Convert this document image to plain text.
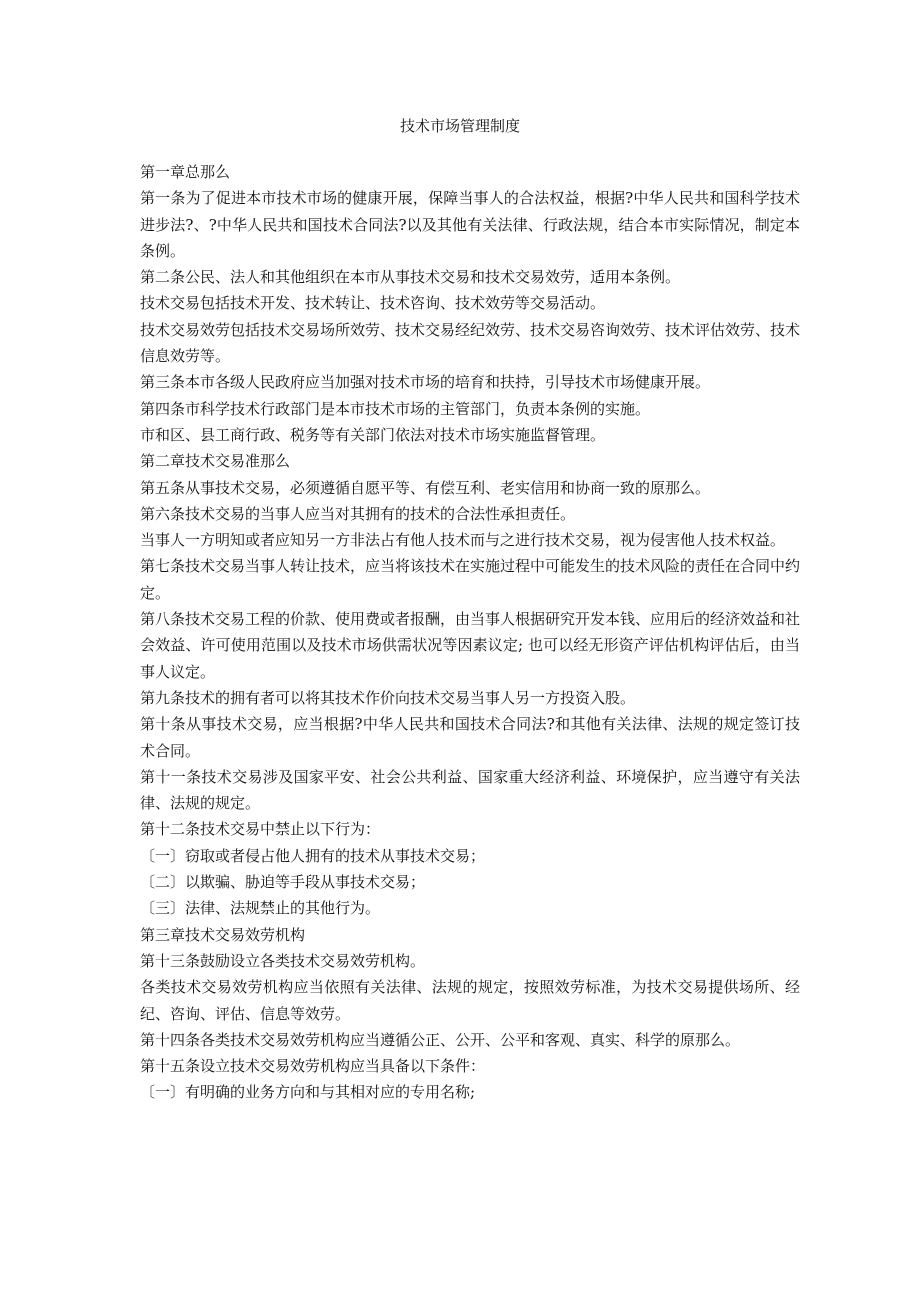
技术市场管理制度

第一章总那么

第一条为了促进本市技术市场的健康开展，保障当事人的合法权益，根据?中华人民共和国科学技术进步法?、?中华人民共和国技术合同法?以及其他有关法律、行政法规，结合本市实际情况，制定本条例。

第二条公民、法人和其他组织在本市从事技术交易和技术交易效劳，适用本条例。

技术交易包括技术开发、技术转让、技术咨询、技术效劳等交易活动。

技术交易效劳包括技术交易场所效劳、技术交易经纪效劳、技术交易咨询效劳、技术评估效劳、技术信息效劳等。

第三条本市各级人民政府应当加强对技术市场的培育和扶持，引导技术市场健康开展。

第四条市科学技术行政部门是本市技术市场的主管部门，负责本条例的实施。

市和区、县工商行政、税务等有关部门依法对技术市场实施监督管理。

第二章技术交易准那么

第五条从事技术交易，必须遵循自愿平等、有偿互利、老实信用和协商一致的原那么。

第六条技术交易的当事人应当对其拥有的技术的合法性承担责任。

当事人一方明知或者应知另一方非法占有他人技术而与之进行技术交易，视为侵害他人技术权益。

第七条技术交易当事人转让技术，应当将该技术在实施过程中可能发生的技术风险的责任在合同中约定。

第八条技术交易工程的价款、使用费或者报酬，由当事人根据研究开发本钱、应用后的经济效益和社会效益、许可使用范围以及技术市场供需状况等因素议定; 也可以经无形资产评估机构评估后，由当事人议定。

第九条技术的拥有者可以将其技术作价向技术交易当事人另一方投资入股。

第十条从事技术交易，应当根据?中华人民共和国技术合同法?和其他有关法律、法规的规定签订技术合同。

第十一条技术交易涉及国家平安、社会公共利益、国家重大经济利益、环境保护，应当遵守有关法律、法规的规定。

第十二条技术交易中禁止以下行为：

〔一〕窃取或者侵占他人拥有的技术从事技术交易；

〔二〕以欺骗、胁迫等手段从事技术交易；

〔三〕法律、法规禁止的其他行为。

第三章技术交易效劳机构

第十三条鼓励设立各类技术交易效劳机构。

各类技术交易效劳机构应当依照有关法律、法规的规定，按照效劳标准，为技术交易提供场所、经纪、咨询、评估、信息等效劳。

第十四条各类技术交易效劳机构应当遵循公正、公开、公平和客观、真实、科学的原那么。

第十五条设立技术交易效劳机构应当具备以下条件：

〔一〕有明确的业务方向和与其相对应的专用名称;
